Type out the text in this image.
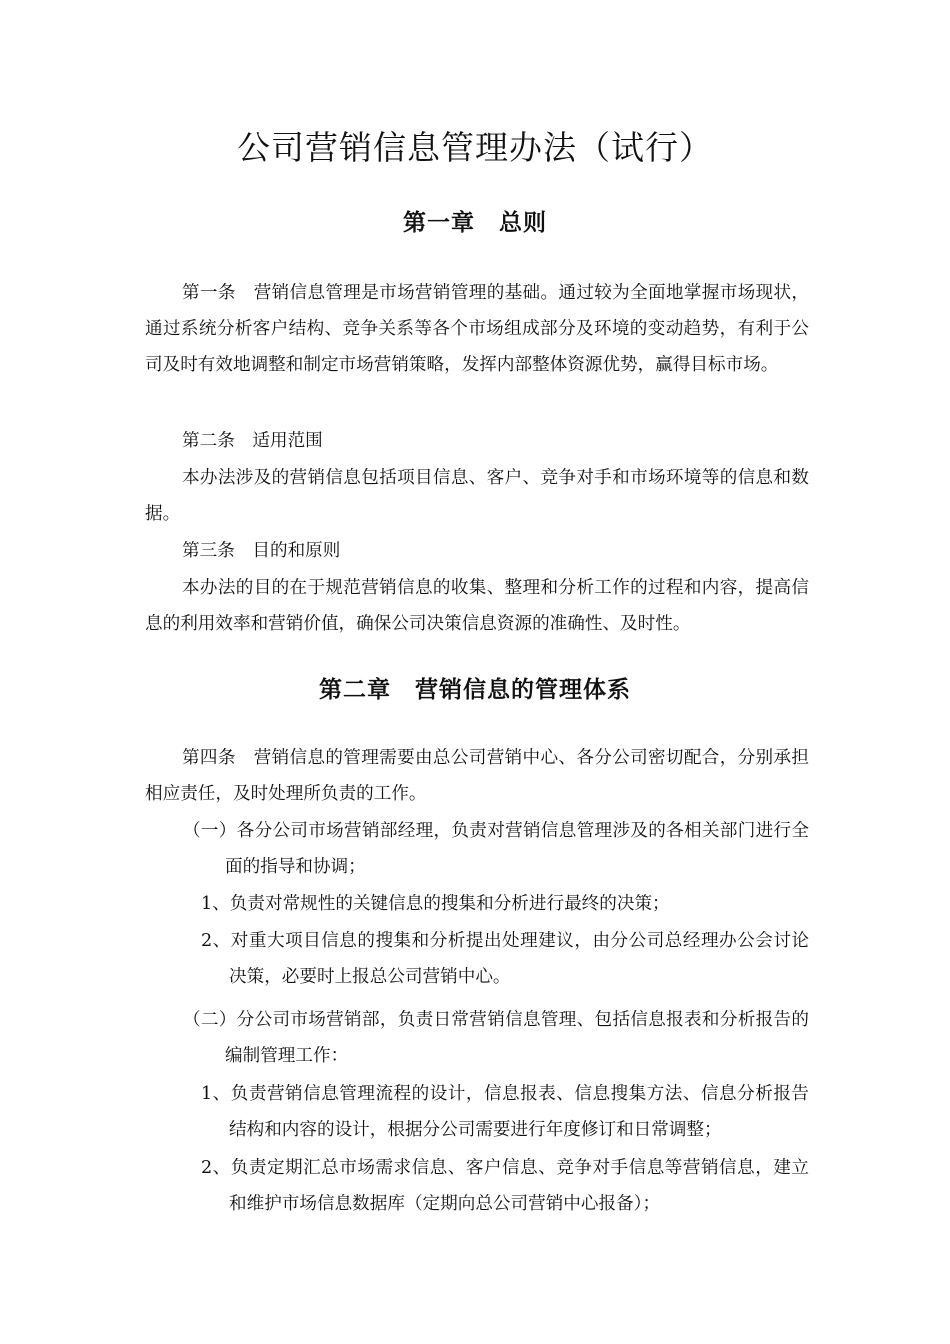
公司营销信息管理办法（试行）
第一章　总则

第一条　营销信息管理是市场营销管理的基础。通过较为全面地掌握市场现状，通过系统分析客户结构、竞争关系等各个市场组成部分及环境的变动趋势，有利于公司及时有效地调整和制定市场营销策略，发挥内部整体资源优势，赢得目标市场。

第二条　适用范围

本办法涉及的营销信息包括项目信息、客户、竞争对手和市场环境等的信息和数据。

第三条　目的和原则

本办法的目的在于规范营销信息的收集、整理和分析工作的过程和内容，提高信息的利用效率和营销价值，确保公司决策信息资源的准确性、及时性。

第二章　营销信息的管理体系

第四条　营销信息的管理需要由总公司营销中心、各分公司密切配合，分别承担相应责任，及时处理所负责的工作。

（一）各分公司市场营销部经理，负责对营销信息管理涉及的各相关部门进行全面的指导和协调；

1、负责对常规性的关键信息的搜集和分析进行最终的决策；

2、对重大项目信息的搜集和分析提出处理建议，由分公司总经理办公会讨论决策，必要时上报总公司营销中心。

（二）分公司市场营销部，负责日常营销信息管理、包括信息报表和分析报告的编制管理工作：

1、负责营销信息管理流程的设计，信息报表、信息搜集方法、信息分析报告结构和内容的设计，根据分公司需要进行年度修订和日常调整；

2、负责定期汇总市场需求信息、客户信息、竞争对手信息等营销信息，建立和维护市场信息数据库（定期向总公司营销中心报备）；
